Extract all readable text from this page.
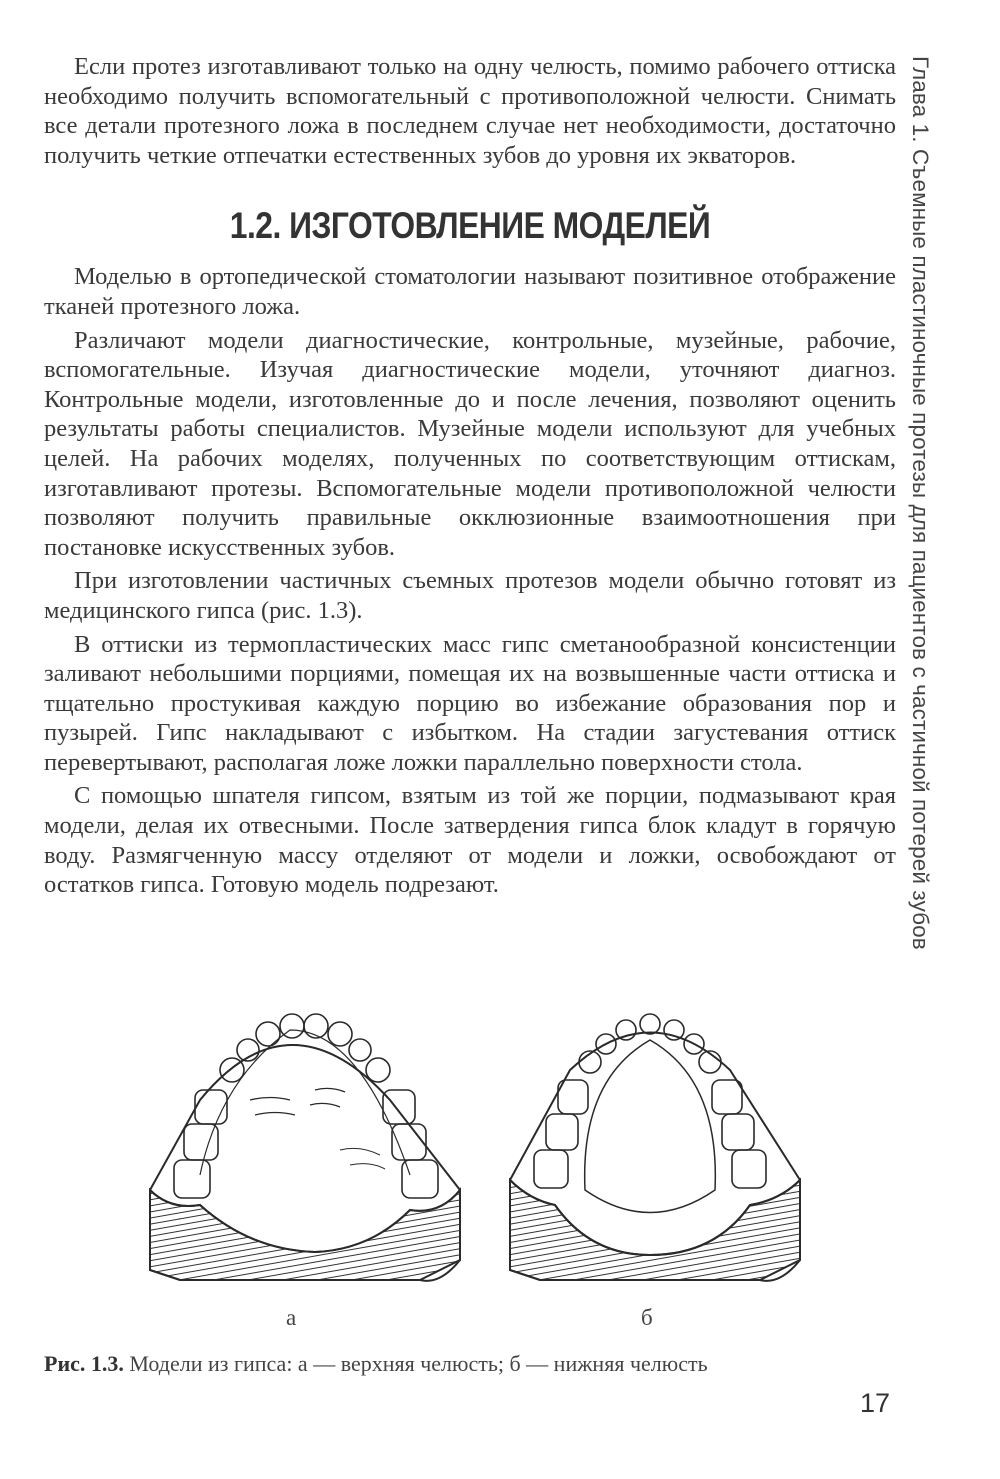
Глава 1. Съемные пластиночные протезы для пациентов с частичной потерей зубов

Если протез изготавливают только на одну челюсть, помимо рабочего оттиска необходимо получить вспомогательный с противоположной челюсти. Снимать все детали протезного ложа в последнем случае нет необходимости, достаточно получить четкие отпечатки естественных зубов до уровня их экваторов.

1.2. ИЗГОТОВЛЕНИЕ МОДЕЛЕЙ

Моделью в ортопедической стоматологии называют позитивное отображение тканей протезного ложа.

Различают модели диагностические, контрольные, музейные, рабочие, вспомогательные. Изучая диагностические модели, уточняют диагноз. Контрольные модели, изготовленные до и после лечения, позволяют оценить результаты работы специалистов. Музейные модели используют для учебных целей. На рабочих моделях, полученных по соответствующим оттискам, изготавливают протезы. Вспомогательные модели противоположной челюсти позволяют получить правильные окклюзионные взаимоотношения при постановке искусственных зубов.

При изготовлении частичных съемных протезов модели обычно готовят из медицинского гипса (рис. 1.3).

В оттиски из термопластических масс гипс сметанообразной консистенции заливают небольшими порциями, помещая их на возвышенные части оттиска и тщательно простукивая каждую порцию во избежание образования пор и пузырей. Гипс накладывают с избытком. На стадии загустевания оттиск перевертывают, располагая ложе ложки параллельно поверхности стола.

С помощью шпателя гипсом, взятым из той же порции, подмазывают края модели, делая их отвесными. После затвердения гипса блок кладут в горячую воду. Размягченную массу отделяют от модели и ложки, освобождают от остатков гипса. Готовую модель подрезают.

а	б
Рис. 1.3. Модели из гипса: а — верхняя челюсть; б — нижняя челюсть
17
